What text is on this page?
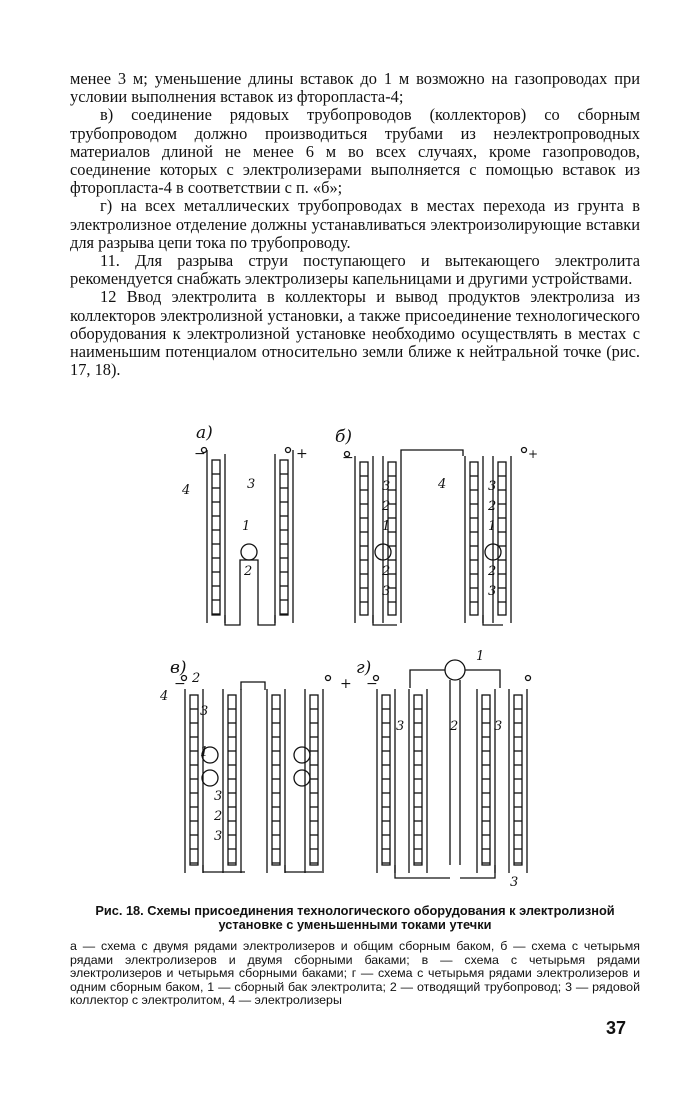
менее 3 м; уменьшение длины вставок до 1 м возможно на газопроводах при условии выполнения вставок из фторопласта-4;

в) соединение рядовых трубопроводов (коллекторов) со сборным трубопроводом должно производиться трубами из неэлектропроводных материалов длиной не менее 6 м во всех случаях, кроме газопроводов, соединение которых с электролизерами выполняется с помощью вставок из фторопласта-4 в соответствии с п. «б»;

г) на всех металлических трубопроводах в местах перехода из грунта в электролизное отделение должны устанавливаться электроизолирующие вставки для разрыва цепи тока по трубопроводу.

11. Для разрыва струи поступающего и вытекающего электролита рекомендуется снабжать электролизеры капельницами и другими устройствами.

12 Ввод электролита в коллекторы и вывод продуктов электролиза из коллекторов электролизной установки, а также присоединение технологического оборудования к электролизной установке необходимо осуществлять в местах с наименьшим потенциалом относительно земли ближе к нейтральной точке (рис. 17, 18).

а)	б)
в)	г)
−	+ −	+
−	+ −
4	3
1
2
3
2
1
4	3
2
1
2
3
2
3
4
2
3
1
3
2
3
1
3	2	3
3
Рис. 18. Схемы присоединения технологического оборудования к электролизной установке с уменьшенными токами утечки
а — схема с двумя рядами электролизеров и общим сборным баком, б — схема с четырьмя рядами электролизеров и двумя сборными баками; в — схема с четырьмя рядами электролизеров и четырьмя сборными баками; г — схема с четырьмя рядами электролизеров и одним сборным баком, 1 — сборный бак электролита; 2 — отводящий трубопровод; 3 — рядовой коллектор с электролитом, 4 — электролизеры
37
